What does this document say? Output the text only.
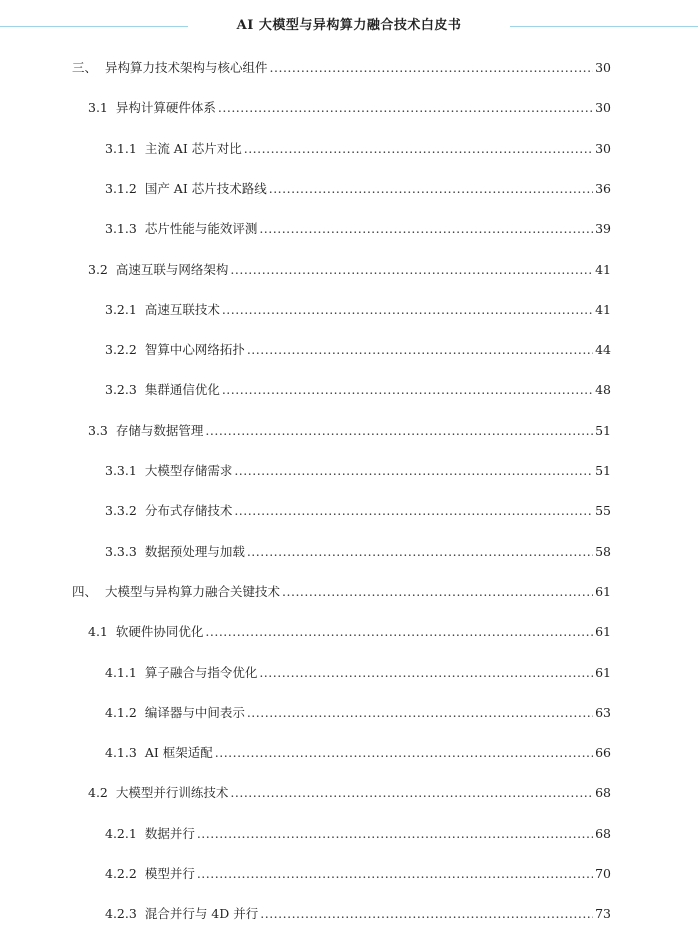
AI 大模型与异构算力融合技术白皮书
三、 异构算力技术架构与核心组件 .....	30
3.1 异构计算硬件体系 .....	30
3.1.1 主流 AI 芯片对比 .....	30
3.1.2 国产 AI 芯片技术路线 .....	36
3.1.3 芯片性能与能效评测 .....	39
3.2 高速互联与网络架构 .....	41
3.2.1 高速互联技术 .....	41
3.2.2 智算中心网络拓扑 .....	44
3.2.3 集群通信优化 .....	48
3.3 存储与数据管理 .....	51
3.3.1 大模型存储需求 .....	51
3.3.2 分布式存储技术 .....	55
3.3.3 数据预处理与加载 .....	58
四、 大模型与异构算力融合关键技术 .....	61
4.1 软硬件协同优化 .....	61
4.1.1 算子融合与指令优化 .....	61
4.1.2 编译器与中间表示 .....	63
4.1.3 AI 框架适配 .....	66
4.2 大模型并行训练技术 .....	68
4.2.1 数据并行 .....	68
4.2.2 模型并行 .....	70
4.2.3 混合并行与 4D 并行 .....	73
